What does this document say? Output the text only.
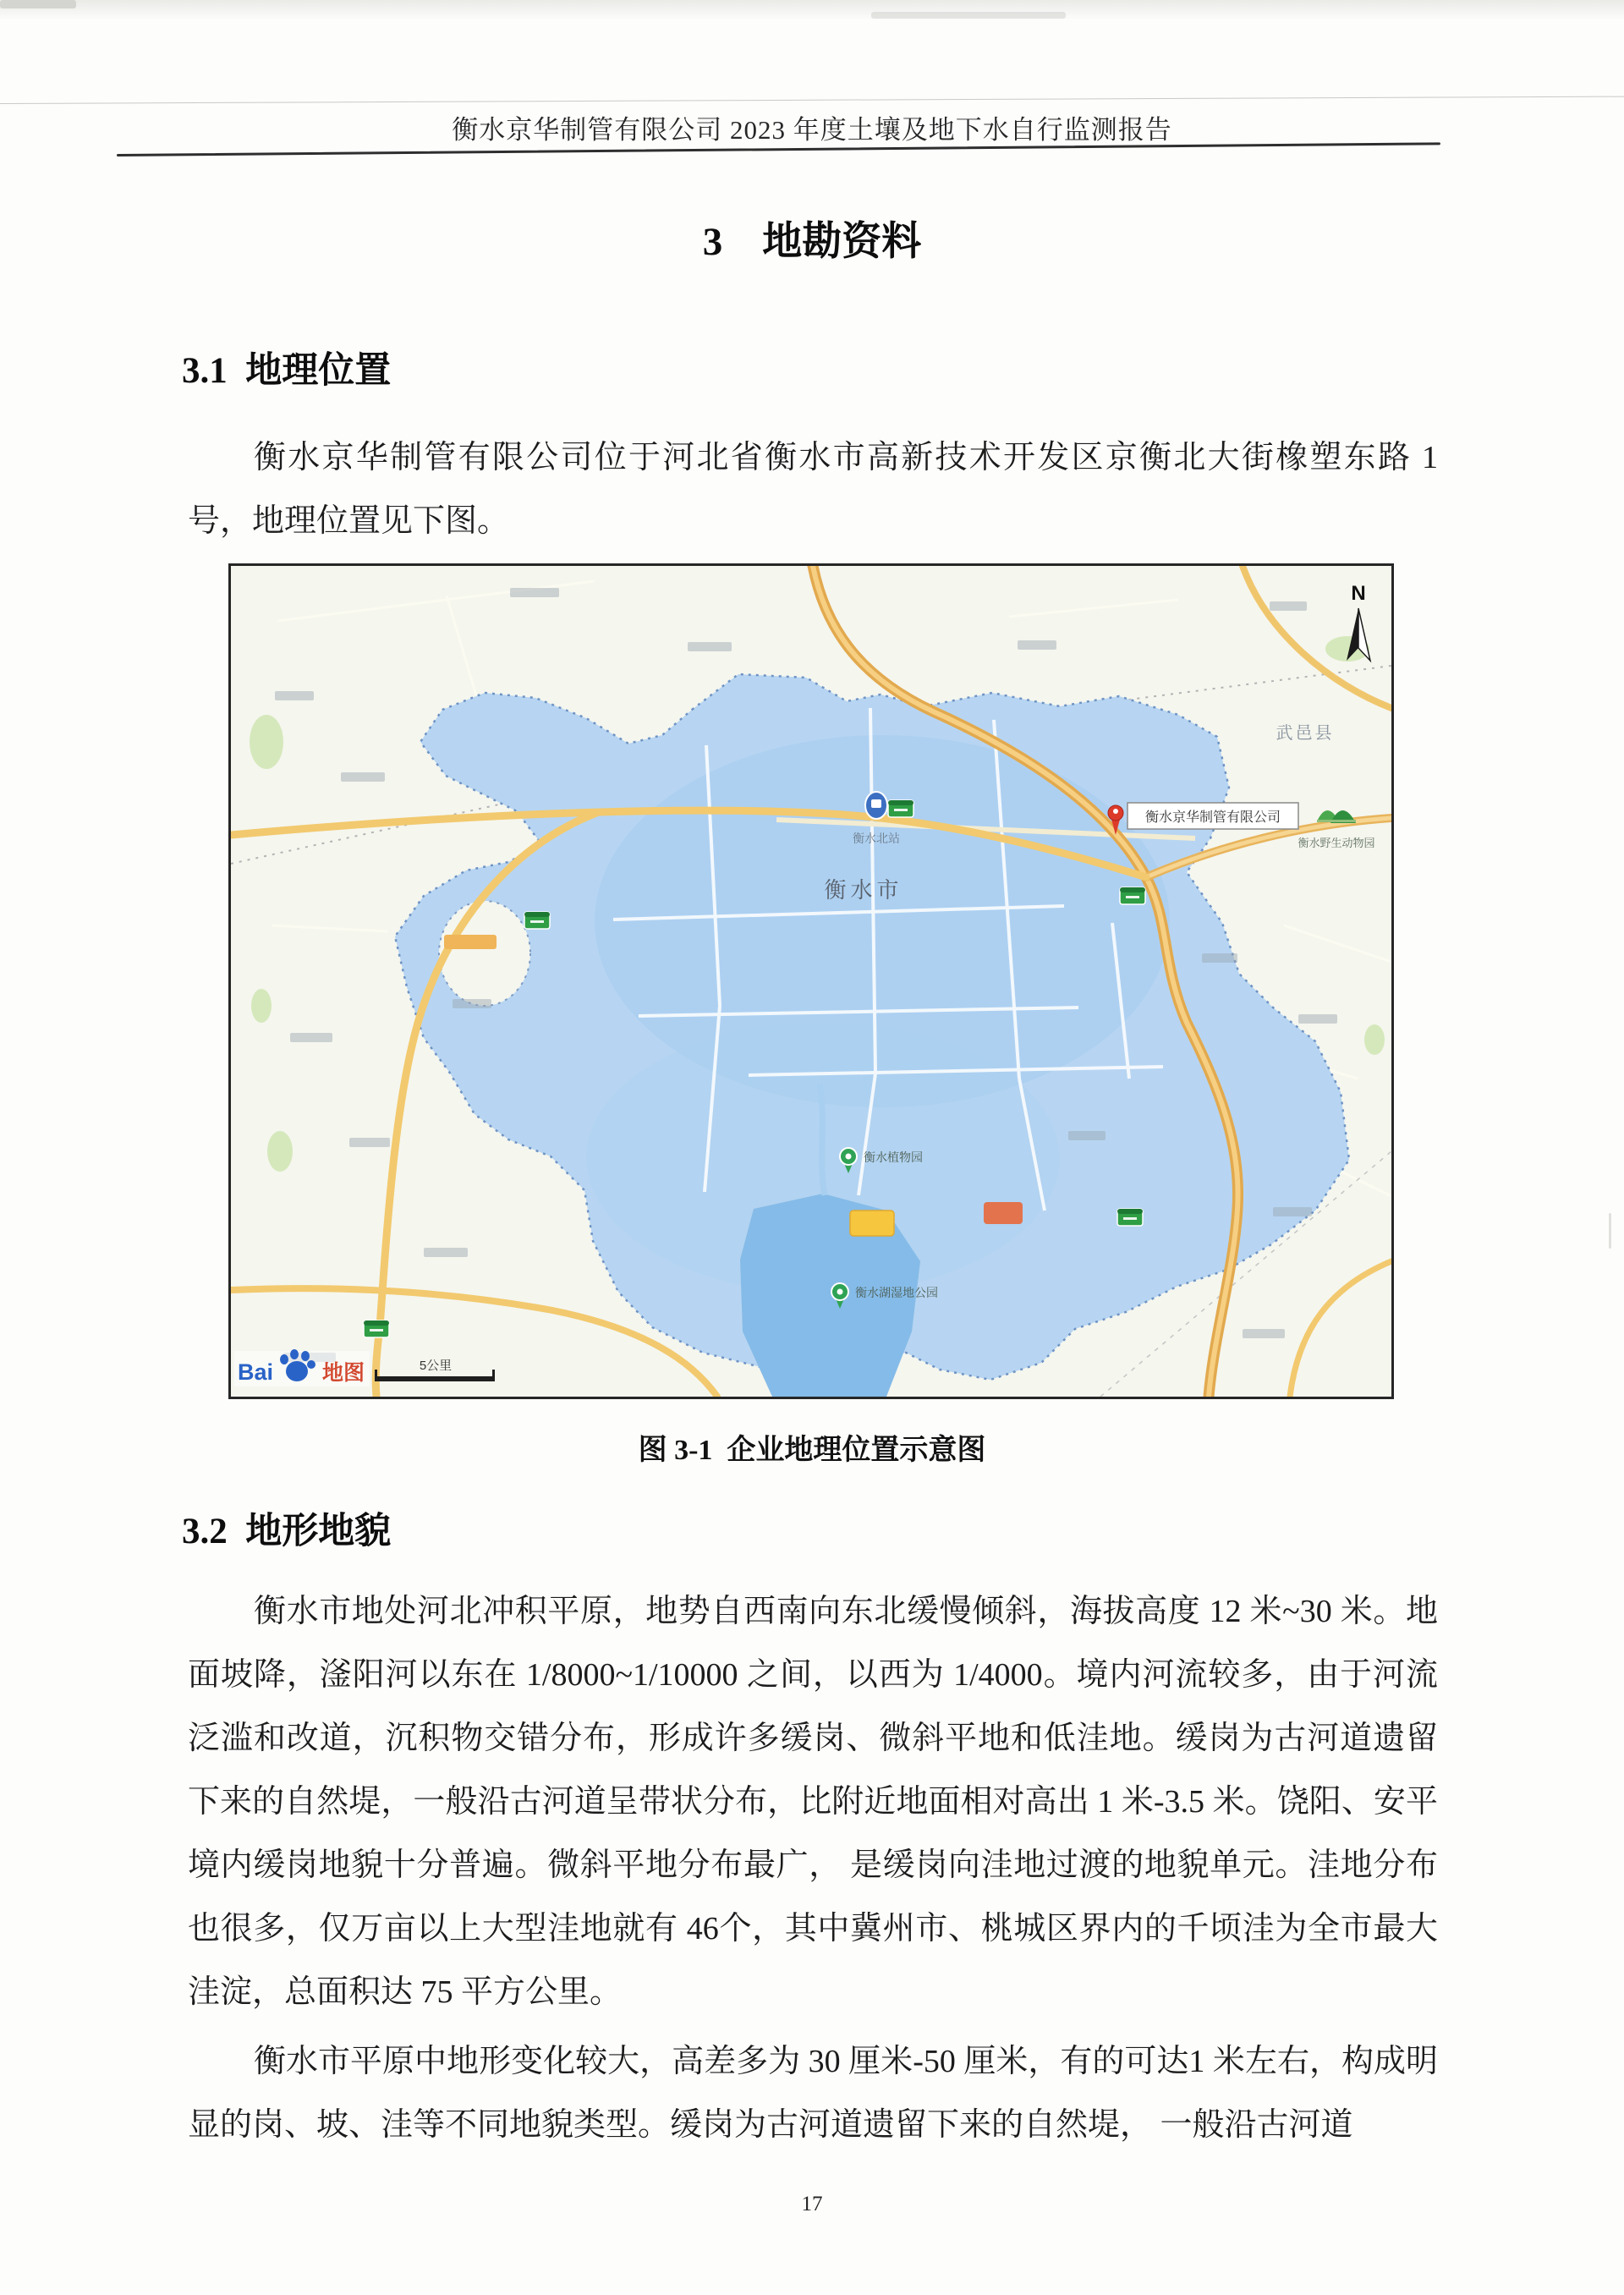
衡水京华制管有限公司 2023 年度土壤及地下水自行监测报告
3    地勘资料
3.1  地理位置
衡水京华制管有限公司位于河北省衡水市高新技术开发区京衡北大街橡塑东路 1 号，地理位置见下图。
衡水北站
衡水市
武邑县
衡水京华制管有限公司
衡水野生动物园
衡水植物园
衡水湖湿地公园
N
Bai 地图	5公里
图 3-1  企业地理位置示意图
3.2  地形地貌
衡水市地处河北冲积平原，地势自西南向东北缓慢倾斜，海拔高度 12 米~30 米。地面坡降，滏阳河以东在 1/8000~1/10000 之间，以西为 1/4000。境内河流较多，由于河流泛滥和改道，沉积物交错分布，形成许多缓岗、微斜平地和低洼地。缓岗为古河道遗留下来的自然堤，一般沿古河道呈带状分布，比附近地面相对高出 1 米-3.5 米。饶阳、安平境内缓岗地貌十分普遍。微斜平地分布最广， 是缓岗向洼地过渡的地貌单元。洼地分布也很多，仅万亩以上大型洼地就有 46个，其中冀州市、桃城区界内的千顷洼为全市最大洼淀，总面积达 75 平方公里。
衡水市平原中地形变化较大，高差多为 30 厘米-50 厘米，有的可达1 米左右，构成明显的岗、坡、洼等不同地貌类型。缓岗为古河道遗留下来的自然堤， 一般沿古河道
17
